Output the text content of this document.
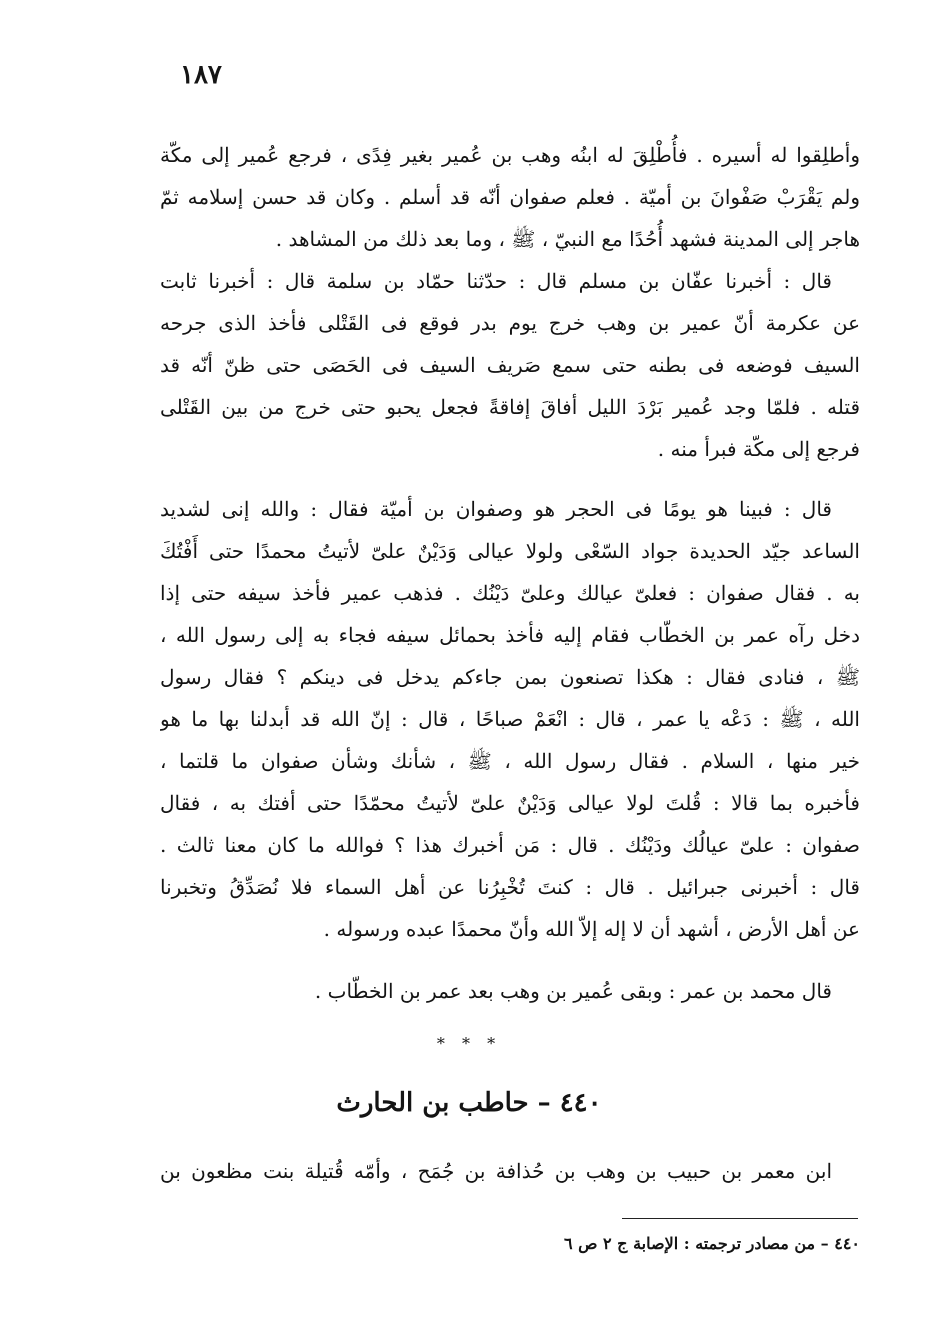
١٨٧
وأطلِقوا له أسيره . فأُطْلِقَ له ابنُه وهب بن عُمير بغير فِدًى ، فرجع عُمير إلى مكّة
ولم يَقْرَبْ صَفْوانَ بن أميّة . فعلم صفوان أنّه قد أسلم . وكان قد حسن إسلامه ثمّ
هاجر إلى المدينة فشهد أُحُدًا مع النبيّ ، ﷺ ، وما بعد ذلك من المشاهد .
قال : أخبرنا عفّان بن مسلم قال : حدّثنا حمّاد بن سلمة قال : أخبرنا ثابت
عن عكرمة أنّ عمير بن وهب خرج يوم بدر فوقع فى القَتْلى فأخذ الذى جرحه
السيف فوضعه فى بطنه حتى سمع صَريف السيف فى الحَصَى حتى ظنّ أنّه قد
قتله . فلمّا وجد عُمير بَرْدَ الليل أفاقَ إفاقةً فجعل يحبو حتى خرج من بين القَتْلى
فرجع إلى مكّة فبرأ منه .
قال : فبينا هو يومًا فى الحجر هو وصفوان بن أميّة فقال : والله إنى لشديد
الساعد جيّد الحديدة جواد السّعْى ولولا عيالى وَدَيْنٌ علىّ لأتيتُ محمدًا حتى أَفْتُكَ
به . فقال صفوان : فعلىّ عيالك وعلىّ دَيْنُك . فذهب عمير فأخذ سيفه حتى إذا
دخل رآه عمر بن الخطّاب فقام إليه فأخذ بحمائل سيفه فجاء به إلى رسول الله ،
ﷺ ، فنادى فقال : هكذا تصنعون بمن جاءكم يدخل فى دينكم ؟ فقال رسول
الله ، ﷺ : دَعْه يا عمر ، قال : انْعَمْ صباحًا ، قال : إنّ الله قد أبدلنا بها ما هو
خير منها ، السلام . فقال رسول الله ، ﷺ ، شأنك وشأن صفوان ما قلتما ،
فأخبره بما قالا : قُلتَ لولا عيالى وَدَيْنٌ علىّ لأتيتُ محمّدًا حتى أفتك به ، فقال
صفوان : علىّ عيالُك ودَيْنُك . قال : مَن أخبرك هذا ؟ فوالله ما كان معنا ثالث .
قال : أخبرنى جبرائيل . قال : كنتَ تُخْبِرُنا عن أهل السماء فلا نُصَدِّقُ وتخبرنا
عن أهل الأرض ، أشهد أن لا إله إلاّ الله وأنّ محمدًا عبده ورسوله .
قال محمد بن عمر : وبقى عُمير بن وهب بعد عمر بن الخطّاب .
* * *
٤٤٠ – حاطب بن الحارث
ابن معمر بن حبيب بن وهب بن حُذافة بن جُمَح ، وأمّه قُتيلة بنت مظعون بن
٤٤٠ – من مصادر ترجمته : الإصابة ج ٢ ص ٦
